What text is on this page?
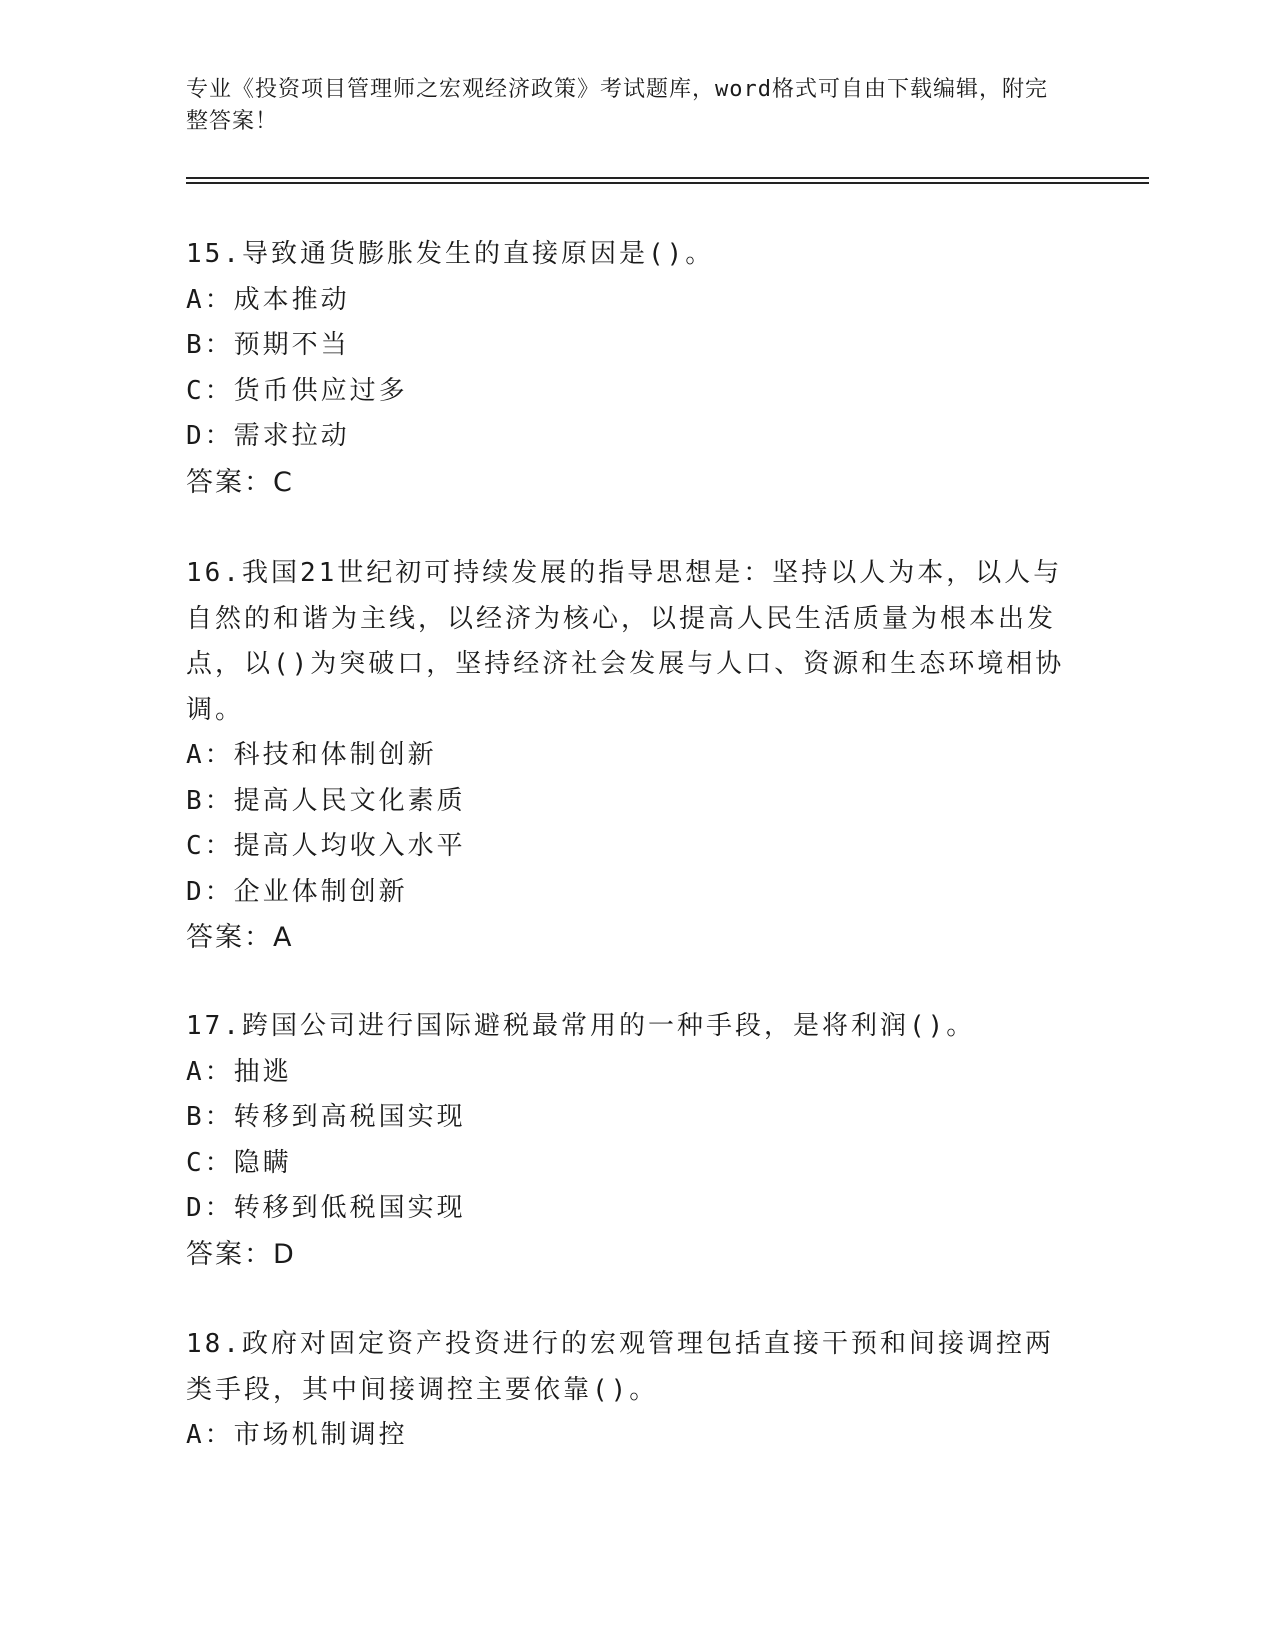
专业《投资项目管理师之宏观经济政策》考试题库，word格式可自由下载编辑，附完整答案！

15.导致通货膨胀发生的直接原因是()。

A：成本推动

B：预期不当

C：货币供应过多

D：需求拉动

答案：C

16.我国21世纪初可持续发展的指导思想是：坚持以人为本，以人与自然的和谐为主线，以经济为核心，以提高人民生活质量为根本出发点，以()为突破口，坚持经济社会发展与人口、资源和生态环境相协调。

A：科技和体制创新

B：提高人民文化素质

C：提高人均收入水平

D：企业体制创新

答案：A

17.跨国公司进行国际避税最常用的一种手段，是将利润()。

A：抽逃

B：转移到高税国实现

C：隐瞒

D：转移到低税国实现

答案：D

18.政府对固定资产投资进行的宏观管理包括直接干预和间接调控两类手段，其中间接调控主要依靠()。

A：市场机制调控
